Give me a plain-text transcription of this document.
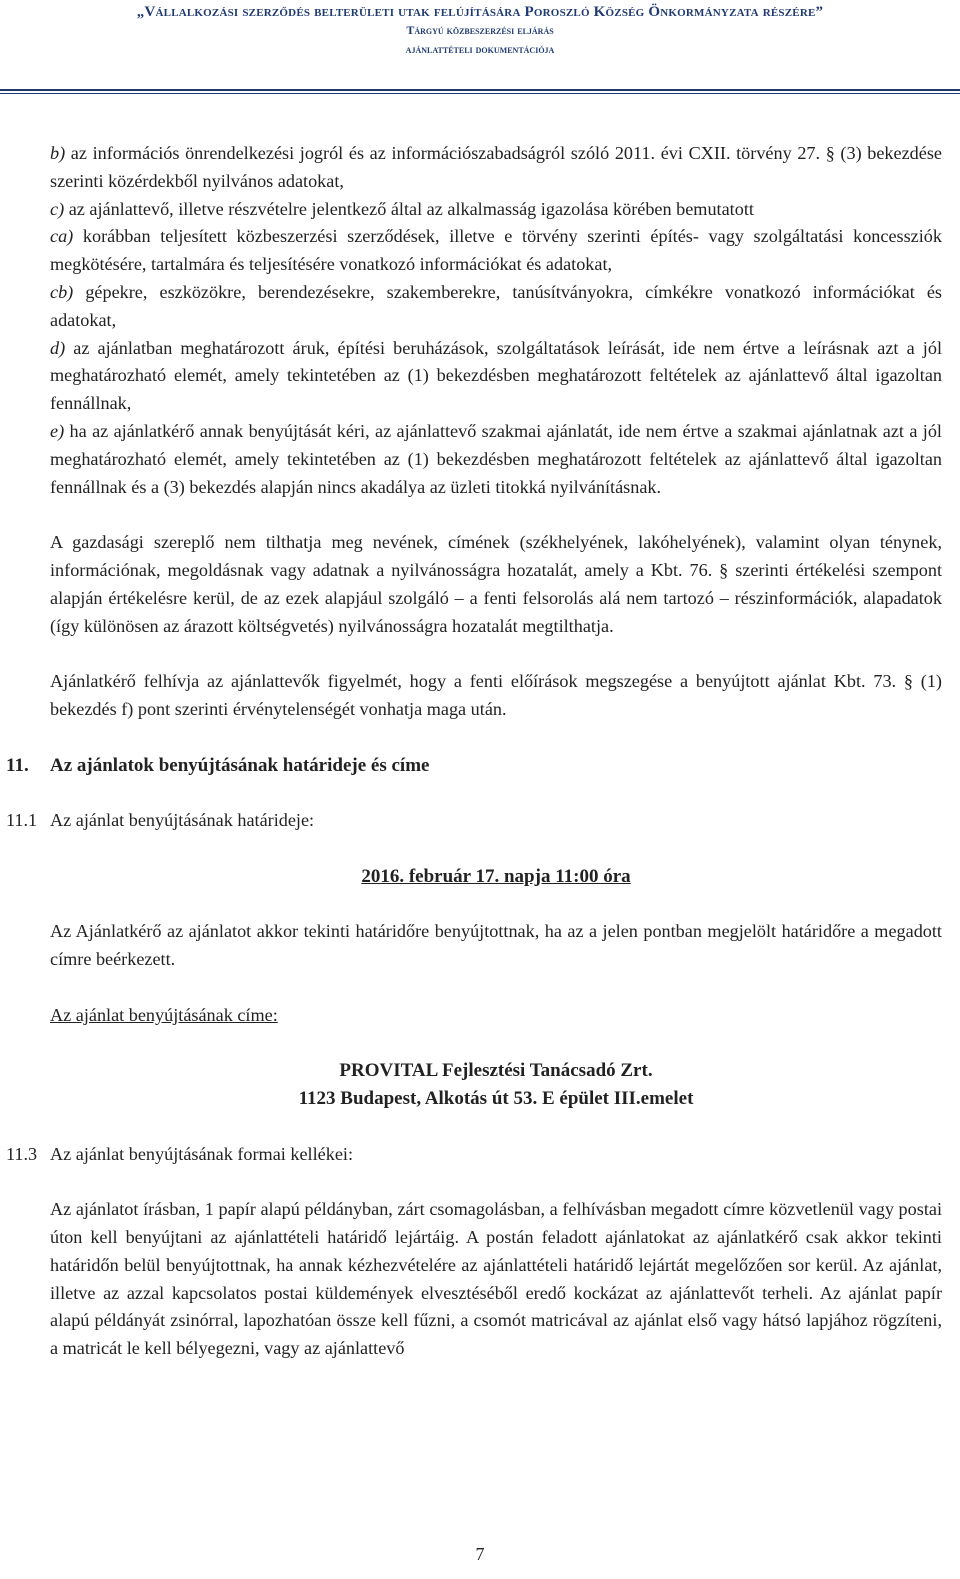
„Vállalkozási szerződés belterületi utak felújítására Poroszló Község Önkormányzata részére”
Tárgyú közbeszerzési eljárás
ajánlattételi dokumentációja

b) az információs önrendelkezési jogról és az információszabadságról szóló 2011. évi CXII. törvény 27. § (3) bekezdése szerinti közérdekből nyilvános adatokat,

c) az ajánlattevő, illetve részvételre jelentkező által az alkalmasság igazolása körében bemutatott

ca) korábban teljesített közbeszerzési szerződések, illetve e törvény szerinti építés- vagy szolgáltatási koncessziók megkötésére, tartalmára és teljesítésére vonatkozó információkat és adatokat,

cb) gépekre, eszközökre, berendezésekre, szakemberekre, tanúsítványokra, címkékre vonatkozó információkat és adatokat,

d) az ajánlatban meghatározott áruk, építési beruházások, szolgáltatások leírását, ide nem értve a leírásnak azt a jól meghatározható elemét, amely tekintetében az (1) bekezdésben meghatározott feltételek az ajánlattevő által igazoltan fennállnak,

e) ha az ajánlatkérő annak benyújtását kéri, az ajánlattevő szakmai ajánlatát, ide nem értve a szakmai ajánlatnak azt a jól meghatározható elemét, amely tekintetében az (1) bekezdésben meghatározott feltételek az ajánlattevő által igazoltan fennállnak és a (3) bekezdés alapján nincs akadálya az üzleti titokká nyilvánításnak.

A gazdasági szereplő nem tilthatja meg nevének, címének (székhelyének, lakóhelyének), valamint olyan ténynek, információnak, megoldásnak vagy adatnak a nyilvánosságra hozatalát, amely a Kbt. 76. § szerinti értékelési szempont alapján értékelésre kerül, de az ezek alapjául szolgáló – a fenti felsorolás alá nem tartozó – részinformációk, alapadatok (így különösen az árazott költségvetés) nyilvánosságra hozatalát megtilthatja.

Ajánlatkérő felhívja az ajánlattevők figyelmét, hogy a fenti előírások megszegése a benyújtott ajánlat Kbt. 73. § (1) bekezdés f) pont szerinti érvénytelenségét vonhatja maga után.

11. Az ajánlatok benyújtásának határideje és címe

11.1 Az ajánlat benyújtásának határideje:

2016. február 17. napja 11:00 óra

Az Ajánlatkérő az ajánlatot akkor tekinti határidőre benyújtottnak, ha az a jelen pontban megjelölt határidőre a megadott címre beérkezett.

Az ajánlat benyújtásának címe:

PROVITAL Fejlesztési Tanácsadó Zrt.

1123 Budapest, Alkotás út 53. E épület III.emelet

11.3 Az ajánlat benyújtásának formai kellékei:

Az ajánlatot írásban, 1 papír alapú példányban, zárt csomagolásban, a felhívásban megadott címre közvetlenül vagy postai úton kell benyújtani az ajánlattételi határidő lejártáig. A postán feladott ajánlatokat az ajánlatkérő csak akkor tekinti határidőn belül benyújtottnak, ha annak kézhezvételére az ajánlattételi határidő lejártát megelőzően sor kerül. Az ajánlat, illetve az azzal kapcsolatos postai küldemények elvesztéséből eredő kockázat az ajánlattevőt terheli. Az ajánlat papír alapú példányát zsinórral, lapozhatóan össze kell fűzni, a csomót matricával az ajánlat első vagy hátsó lapjához rögzíteni, a matricát le kell bélyegezni, vagy az ajánlattevő

7
